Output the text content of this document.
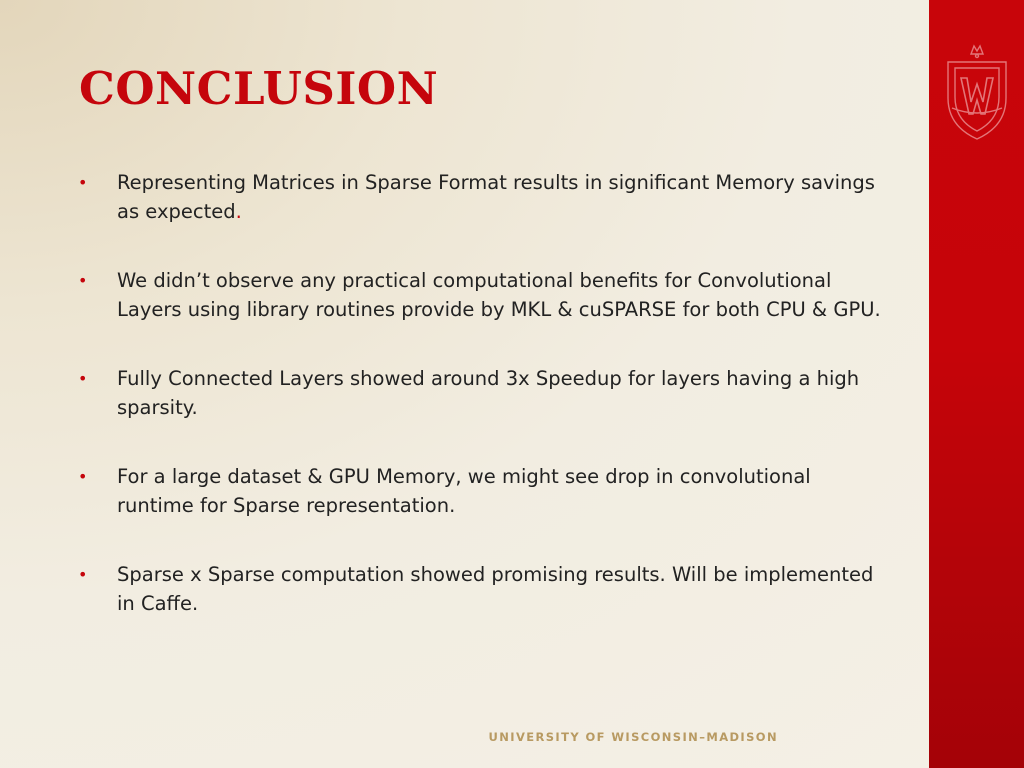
CONCLUSION
• Representing Matrices in Sparse Format results in significant Memory savings as expected.
• We didn’t observe any practical computational benefits for Convolutional Layers using library routines provide by MKL & cuSPARSE for both CPU & GPU.
• Fully Connected Layers showed around 3x Speedup for layers having a high sparsity.
• For a large dataset & GPU Memory, we might see drop in convolutional runtime for Sparse representation.
• Sparse x Sparse computation showed promising results. Will be implemented in Caffe.
UNIVERSITY OF WISCONSIN–MADISON
